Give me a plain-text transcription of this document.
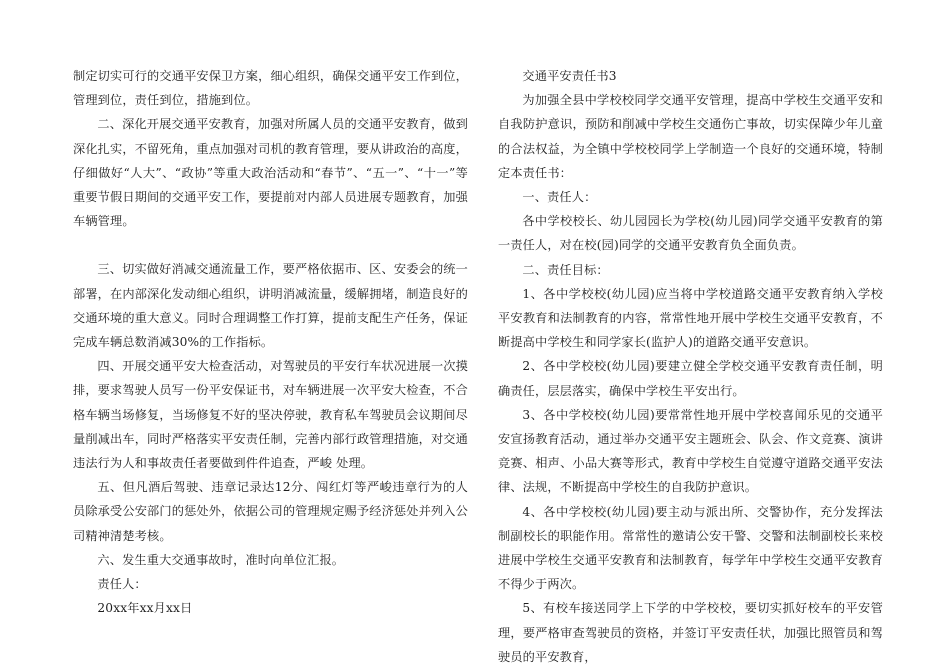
制定切实可行的交通平安保卫方案，细心组织，确保交通平安工作到位，管理到位，责任到位，措施到位。

二、深化开展交通平安教育，加强对所属人员的交通平安教育，做到深化扎实，不留死角，重点加强对司机的教育管理，要从讲政治的高度，仔细做好“人大”、“政协”等重大政治活动和“春节”、“五一”、“十一”等重要节假日期间的交通平安工作，要提前对内部人员进展专题教育，加强车辆管理。

三、切实做好消减交通流量工作，要严格依据市、区、安委会的统一部署，在内部深化发动细心组织，讲明消减流量，缓解拥堵，制造良好的交通环境的重大意义。同时合理调整工作打算，提前支配生产任务，保证完成车辆总数消减30%的工作指标。

四、开展交通平安大检查活动，对驾驶员的平安行车状况进展一次摸排，要求驾驶人员写一份平安保证书，对车辆进展一次平安大检查，不合格车辆当场修复，当场修复不好的坚决停驶，教育私车驾驶员会议期间尽量削减出车，同时严格落实平安责任制，完善内部行政管理措施，对交通违法行为人和事故责任者要做到件件追查，严峻 处理。

五、但凡酒后驾驶、违章记录达12分、闯红灯等严峻违章行为的人员除承受公安部门的惩处外，依据公司的管理规定赐予经济惩处并列入公司精神清楚考核。

六、发生重大交通事故时，准时向单位汇报。

责任人：

20xx年xx月xx日

交通平安责任书3

为加强全县中学校校同学交通平安管理，提高中学校生交通平安和自我防护意识，预防和削减中学校生交通伤亡事故，切实保障少年儿童的合法权益，为全镇中学校校同学上学制造一个良好的交通环境，特制定本责任书：

一、责任人：

各中学校校长、幼儿园园长为学校(幼儿园)同学交通平安教育的第一责任人，对在校(园)同学的交通平安教育负全面负责。

二、责任目标：

1、各中学校校(幼儿园)应当将中学校道路交通平安教育纳入学校平安教育和法制教育的内容，常常性地开展中学校生交通平安教育，不断提高中学校生和同学家长(监护人)的道路交通平安意识。

2、各中学校校(幼儿园)要建立健全学校交通平安教育责任制，明确责任，层层落实，确保中学校生平安出行。

3、各中学校校(幼儿园)要常常性地开展中学校喜闻乐见的交通平安宣扬教育活动，通过举办交通平安主题班会、队会、作文竞赛、演讲竞赛、相声、小品大赛等形式，教育中学校生自觉遵守道路交通平安法律、法规，不断提高中学校生的自我防护意识。

4、各中学校校(幼儿园)要主动与派出所、交警协作，充分发挥法制副校长的职能作用。常常性的邀请公安干警、交警和法制副校长来校进展中学校生交通平安教育和法制教育，每学年中学校生交通平安教育不得少于两次。

5、有校车接送同学上下学的中学校校，要切实抓好校车的平安管理，要严格审查驾驶员的资格，并签订平安责任状，加强比照管员和驾驶员的平安教育，
